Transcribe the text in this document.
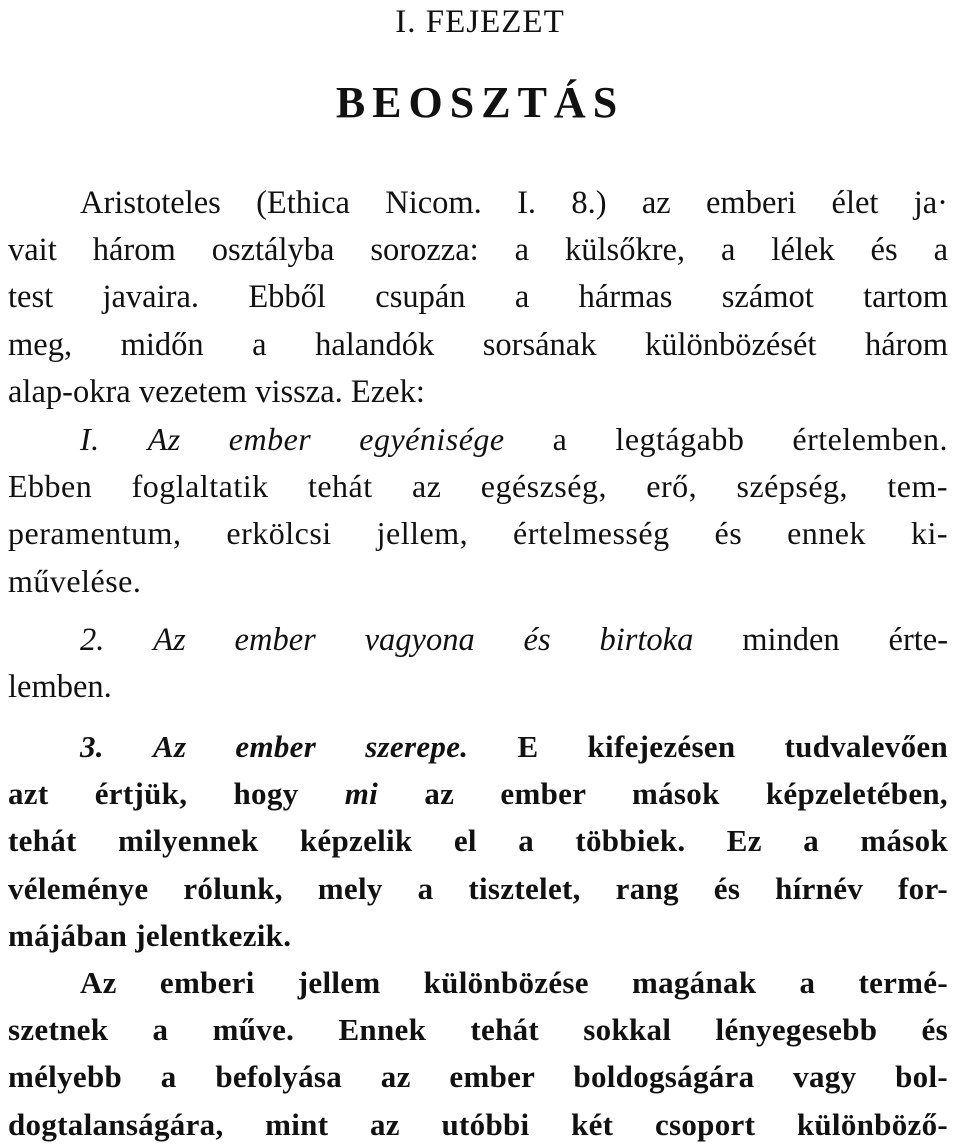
I. FEJEZET
BEOSZTÁS
Aristoteles (Ethica Nicom. I. 8.) az emberi élet ja·
vait három osztályba sorozza: a külsőkre, a lélek és a
test javaira. Ebből csupán a hármas számot tartom
meg, midőn a halandók sorsának különbözését három
alap-okra vezetem vissza. Ezek:
I. Az ember egyénisége a legtágabb értelemben.
Ebben foglaltatik tehát az egészség, erő, szépség, tem-
peramentum, erkölcsi jellem, értelmesség és ennek ki-
művelése.
2. Az ember vagyona és birtoka minden érte-
lemben.
3. Az ember szerepe. E kifejezésen tudvalevően
azt értjük, hogy mi az ember mások képzeletében,
tehát milyennek képzelik el a többiek. Ez a mások
véleménye rólunk, mely a tisztelet, rang és hírnév for-
májában jelentkezik.
Az emberi jellem különbözése magának a termé-
szetnek a műve. Ennek tehát sokkal lényegesebb és
mélyebb a befolyása az ember boldogságára vagy bol-
dogtalanságára, mint az utóbbi két csoport különböző-
